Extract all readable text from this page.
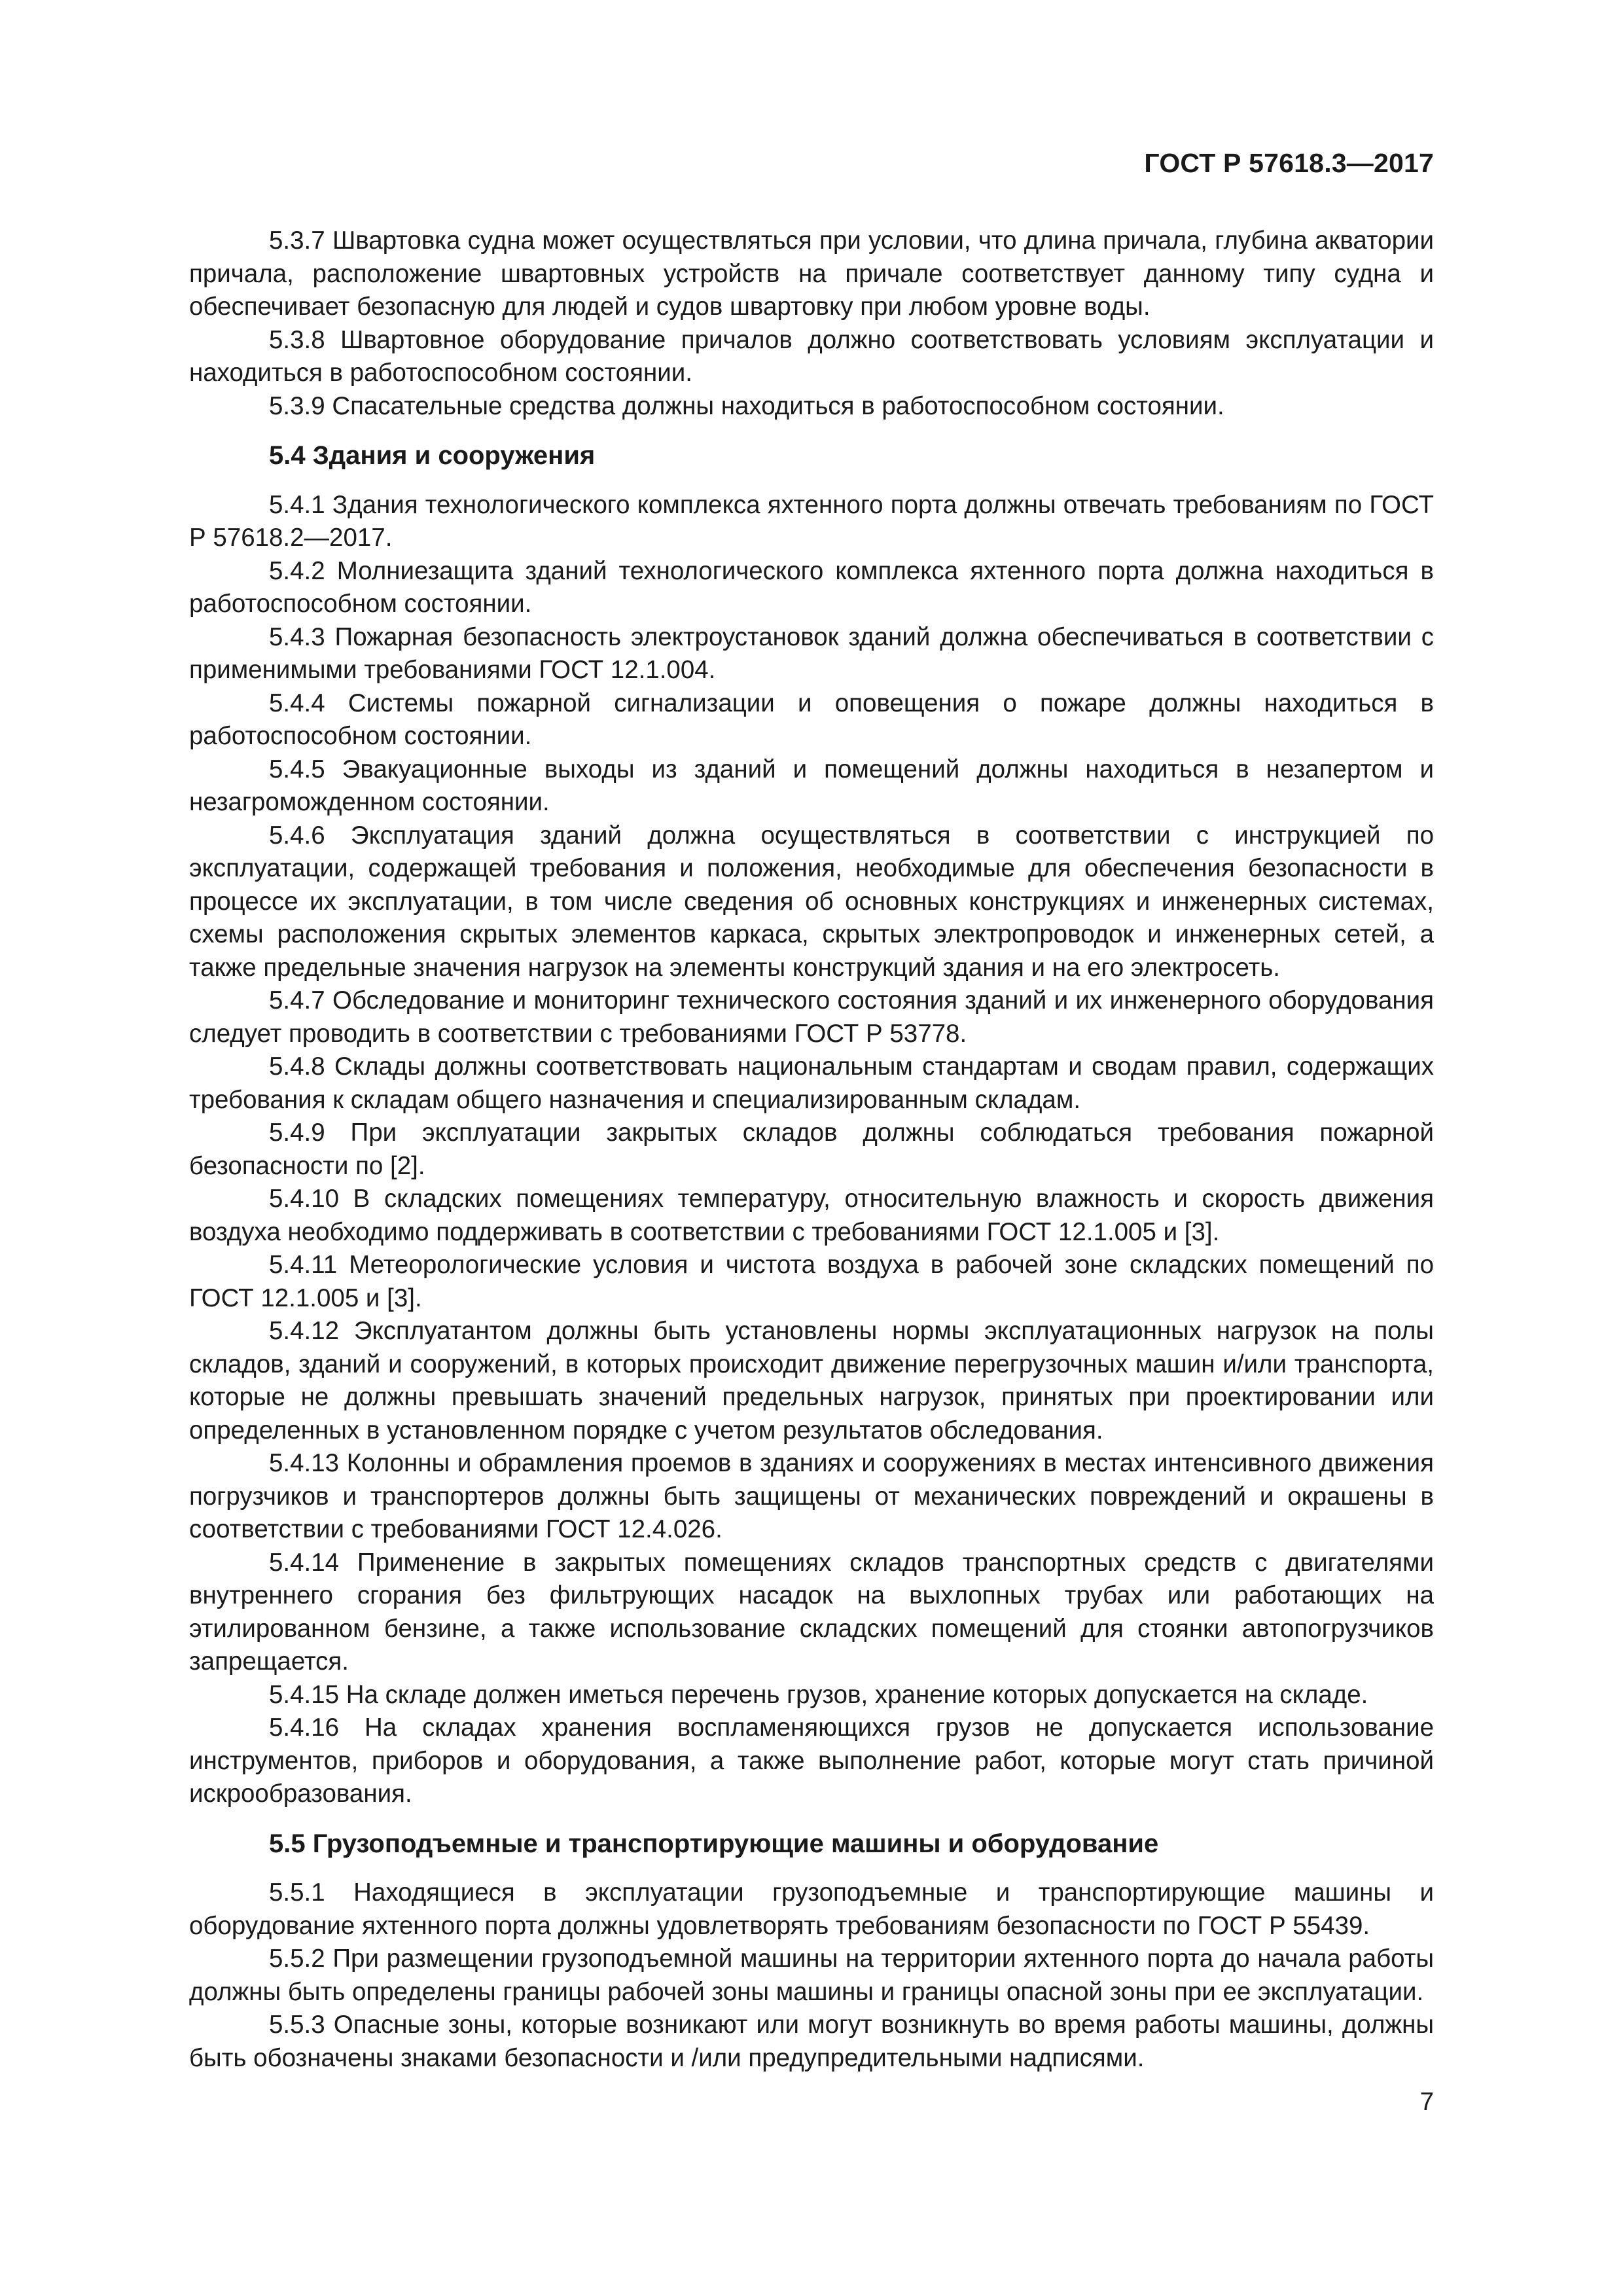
ГОСТ Р 57618.3—2017

5.3.7 Швартовка судна может осуществляться при условии, что длина причала, глубина акватории причала, расположение швартовных устройств на причале соответствует данному типу судна и обеспечивает безопасную для людей и судов швартовку при любом уровне воды.

5.3.8 Швартовное оборудование причалов должно соответствовать условиям эксплуатации и находиться в работоспособном состоянии.

5.3.9 Спасательные средства должны находиться в работоспособном состоянии.

5.4 Здания и сооружения

5.4.1 Здания технологического комплекса яхтенного порта должны отвечать требованиям по ГОСТ Р 57618.2—2017.

5.4.2 Молниезащита зданий технологического комплекса яхтенного порта должна находиться в работоспособном состоянии.

5.4.3 Пожарная безопасность электроустановок зданий должна обеспечиваться в соответствии с применимыми требованиями ГОСТ 12.1.004.

5.4.4 Системы пожарной сигнализации и оповещения о пожаре должны находиться в работоспособном состоянии.

5.4.5 Эвакуационные выходы из зданий и помещений должны находиться в незапертом и незагроможденном состоянии.

5.4.6 Эксплуатация зданий должна осуществляться в соответствии с инструкцией по эксплуатации, содержащей требования и положения, необходимые для обеспечения безопасности в процессе их эксплуатации, в том числе сведения об основных конструкциях и инженерных системах, схемы расположения скрытых элементов каркаса, скрытых электропроводок и инженерных сетей, а также предельные значения нагрузок на элементы конструкций здания и на его электросеть.

5.4.7 Обследование и мониторинг технического состояния зданий и их инженерного оборудования следует проводить в соответствии с требованиями ГОСТ Р 53778.

5.4.8 Склады должны соответствовать национальным стандартам и сводам правил, содержащих требования к складам общего назначения и специализированным складам.

5.4.9 При эксплуатации закрытых складов должны соблюдаться требования пожарной безопасности по [2].

5.4.10 В складских помещениях температуру, относительную влажность и скорость движения воздуха необходимо поддерживать в соответствии с требованиями ГОСТ 12.1.005 и [3].

5.4.11 Метеорологические условия и чистота воздуха в рабочей зоне складских помещений по ГОСТ 12.1.005 и [3].

5.4.12 Эксплуатантом должны быть установлены нормы эксплуатационных нагрузок на полы складов, зданий и сооружений, в которых происходит движение перегрузочных машин и/или транспорта, которые не должны превышать значений предельных нагрузок, принятых при проектировании или определенных в установленном порядке с учетом результатов обследования.

5.4.13 Колонны и обрамления проемов в зданиях и сооружениях в местах интенсивного движения погрузчиков и транспортеров должны быть защищены от механических повреждений и окрашены в соответствии с требованиями ГОСТ 12.4.026.

5.4.14 Применение в закрытых помещениях складов транспортных средств с двигателями внутреннего сгорания без фильтрующих насадок на выхлопных трубах или работающих на этилированном бензине, а также использование складских помещений для стоянки автопогрузчиков запрещается.

5.4.15 На складе должен иметься перечень грузов, хранение которых допускается на складе.

5.4.16 На складах хранения воспламеняющихся грузов не допускается использование инструментов, приборов и оборудования, а также выполнение работ, которые могут стать причиной искрообразования.

5.5 Грузоподъемные и транспортирующие машины и оборудование

5.5.1 Находящиеся в эксплуатации грузоподъемные и транспортирующие машины и оборудование яхтенного порта должны удовлетворять требованиям безопасности по ГОСТ Р 55439.

5.5.2 При размещении грузоподъемной машины на территории яхтенного порта до начала работы должны быть определены границы рабочей зоны машины и границы опасной зоны при ее эксплуатации.

5.5.3 Опасные зоны, которые возникают или могут возникнуть во время работы машины, должны быть обозначены знаками безопасности и /или предупредительными надписями.

7
